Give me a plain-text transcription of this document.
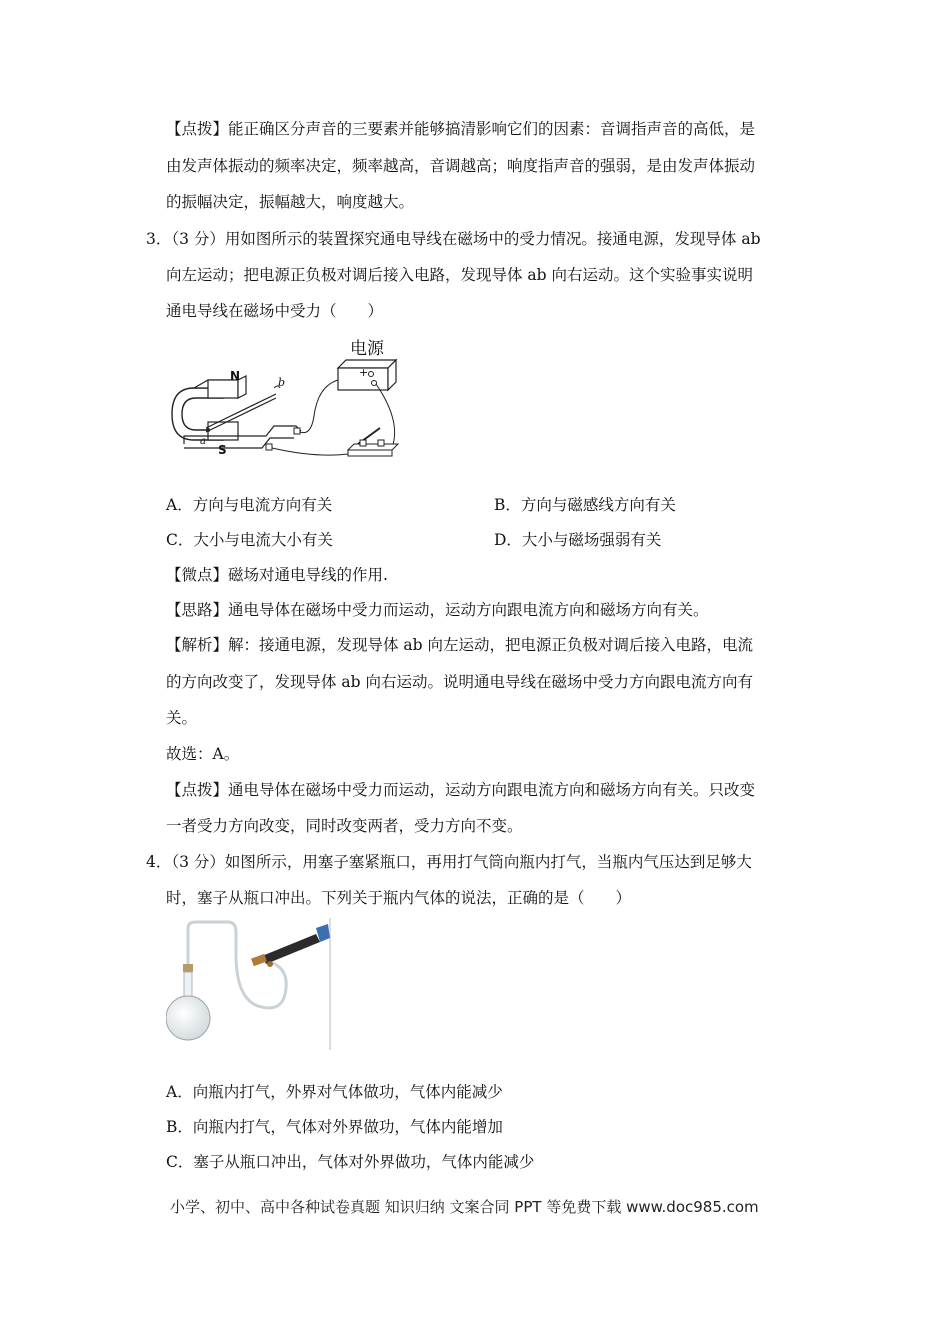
【点拨】能正确区分声音的三要素并能够搞清影响它们的因素：音调指声音的高低，是
由发声体振动的频率决定，频率越高，音调越高；响度指声音的强弱，是由发声体振动
的振幅决定，振幅越大，响度越大。
3．（3 分）用如图所示的装置探究通电导线在磁场中的受力情况。接通电源，发现导体 ab
向左运动；把电源正负极对调后接入电路，发现导体 ab 向右运动。这个实验事实说明
通电导线在磁场中受力（　　）
电源
+
N
S
b
a
A．方向与电流方向有关	B．方向与磁感线方向有关
C．大小与电流大小有关	D．大小与磁场强弱有关
【微点】磁场对通电导线的作用.
【思路】通电导体在磁场中受力而运动，运动方向跟电流方向和磁场方向有关。
【解析】解：接通电源，发现导体 ab 向左运动，把电源正负极对调后接入电路，电流
的方向改变了，发现导体 ab 向右运动。说明通电导线在磁场中受力方向跟电流方向有
关。
故选：A。
【点拨】通电导体在磁场中受力而运动，运动方向跟电流方向和磁场方向有关。只改变
一者受力方向改变，同时改变两者，受力方向不变。
4．（3 分）如图所示，用塞子塞紧瓶口，再用打气筒向瓶内打气，当瓶内气压达到足够大
时，塞子从瓶口冲出。下列关于瓶内气体的说法，正确的是（　　）
A．向瓶内打气，外界对气体做功，气体内能减少
B．向瓶内打气，气体对外界做功，气体内能增加
C．塞子从瓶口冲出，气体对外界做功，气体内能减少
小学、初中、高中各种试卷真题 知识归纳 文案合同 PPT 等免费下载 www.doc985.com
